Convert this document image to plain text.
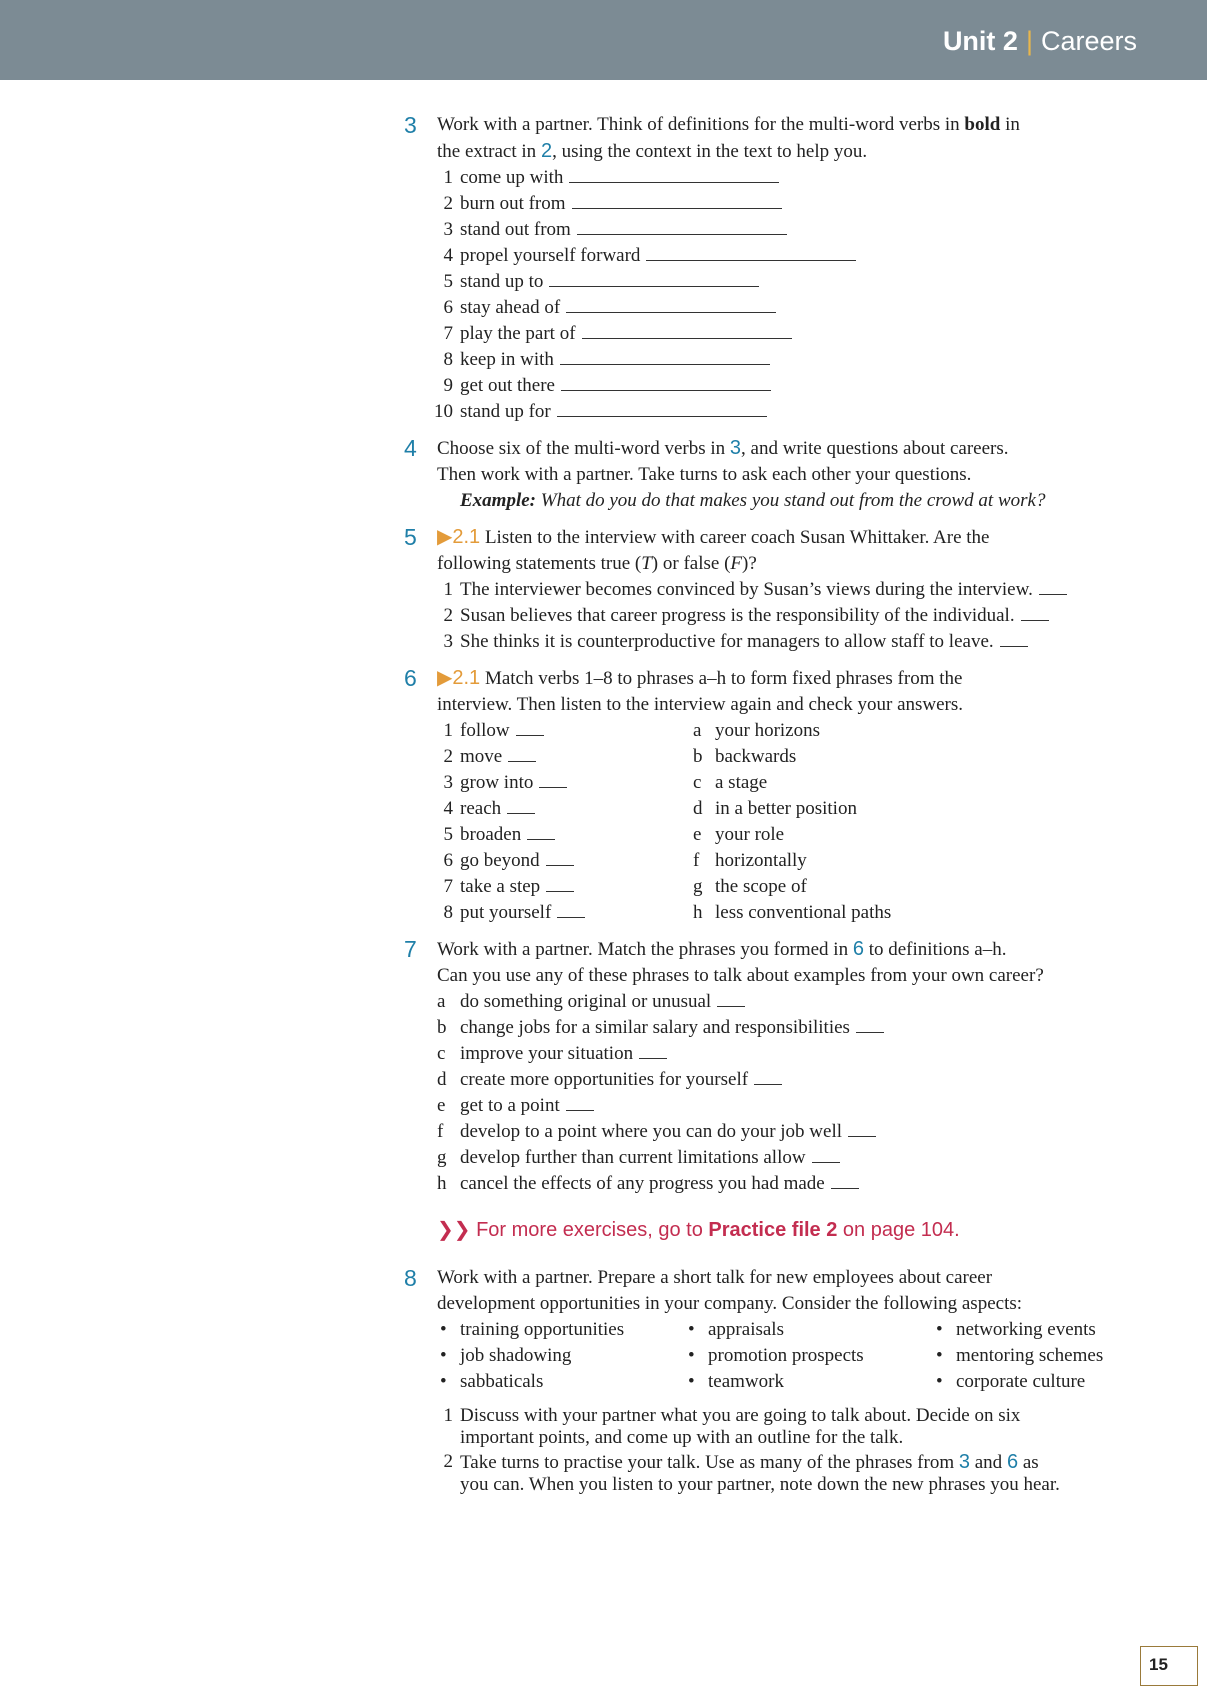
Unit 2 | Careers
3 Work with a partner. Think of definitions for the multi-word verbs in bold in
the extract in 2, using the context in the text to help you.
1 come up with
2 burn out from
3 stand out from
4 propel yourself forward
5 stand up to
6 stay ahead of
7 play the part of
8 keep in with
9 get out there
10 stand up for
4 Choose six of the multi-word verbs in 3, and write questions about careers.
Then work with a partner. Take turns to ask each other your questions.
Example: What do you do that makes you stand out from the crowd at work?
5 ▶2.1 Listen to the interview with career coach Susan Whittaker. Are the
following statements true (T) or false (F)?
1 The interviewer becomes convinced by Susan’s views during the interview.
2 Susan believes that career progress is the responsibility of the individual.
3 She thinks it is counterproductive for managers to allow staff to leave.
6 ▶2.1 Match verbs 1–8 to phrases a–h to form fixed phrases from the
interview. Then listen to the interview again and check your answers.
1 follow	a your horizons
2 move	b backwards
3 grow into	c a stage
4 reach	d in a better position
5 broaden	e your role
6 go beyond	f horizontally
7 take a step	g the scope of
8 put yourself	h less conventional paths
7 Work with a partner. Match the phrases you formed in 6 to definitions a–h.
Can you use any of these phrases to talk about examples from your own career?
a do something original or unusual
b change jobs for a similar salary and responsibilities
c improve your situation
d create more opportunities for yourself
e get to a point
f develop to a point where you can do your job well
g develop further than current limitations allow
h cancel the effects of any progress you had made
❯❯ For more exercises, go to Practice file 2 on page 104.
8 Work with a partner. Prepare a short talk for new employees about career
development opportunities in your company. Consider the following aspects:
• training opportunities	• appraisals	• networking events
• job shadowing	• promotion prospects	• mentoring schemes
• sabbaticals	• teamwork	• corporate culture
1 Discuss with your partner what you are going to talk about. Decide on six
important points, and come up with an outline for the talk.
2 Take turns to practise your talk. Use as many of the phrases from 3 and 6 as
you can. When you listen to your partner, note down the new phrases you hear.
15
